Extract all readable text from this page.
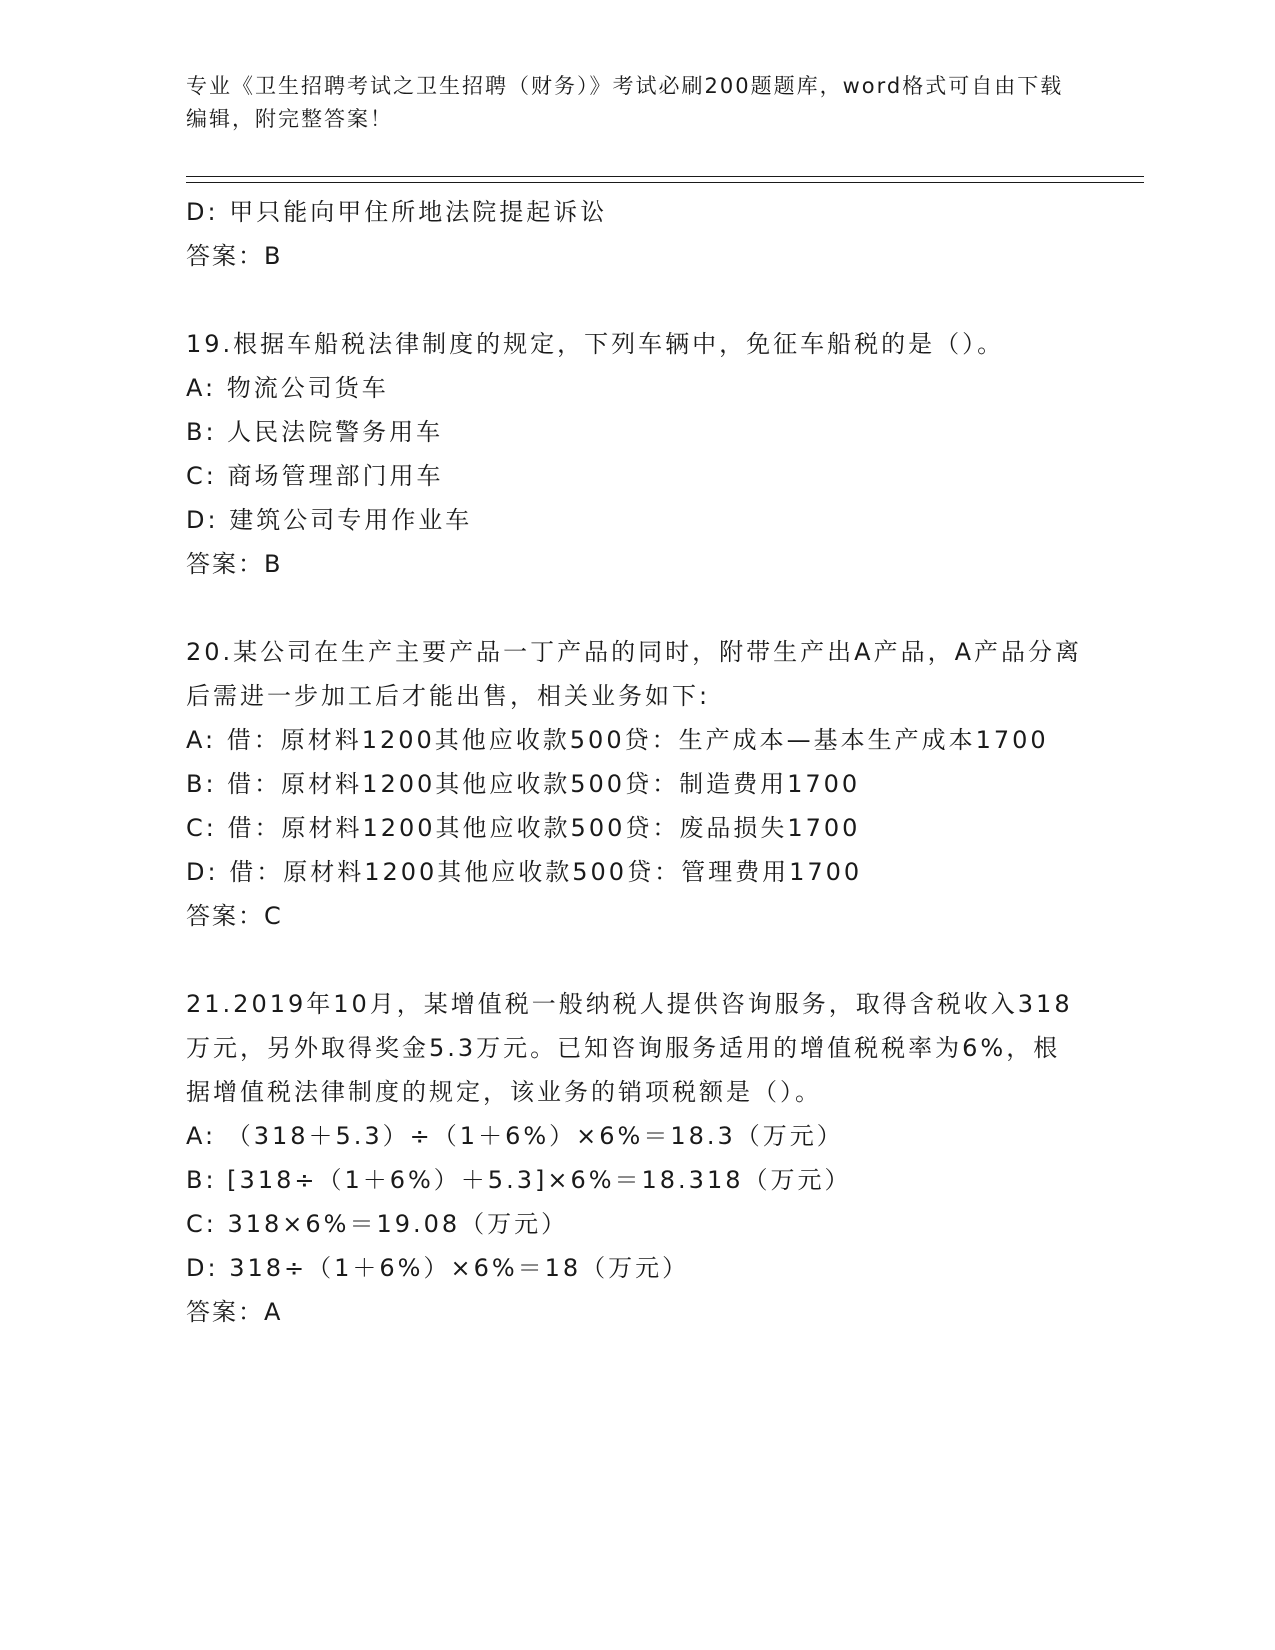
专业《卫生招聘考试之卫生招聘（财务）》考试必刷200题题库，word格式可自由下载编辑，附完整答案！
D: 甲只能向甲住所地法院提起诉讼
答案：B
19.根据车船税法律制度的规定，下列车辆中，免征车船税的是（）。
A: 物流公司货车
B: 人民法院警务用车
C: 商场管理部门用车
D: 建筑公司专用作业车
答案：B
20.某公司在生产主要产品一丁产品的同时，附带生产出A产品，A产品分离后需进一步加工后才能出售，相关业务如下:
A: 借：原材料1200其他应收款500贷：生产成本—基本生产成本1700
B: 借：原材料1200其他应收款500贷：制造费用1700
C: 借：原材料1200其他应收款500贷：废品损失1700
D: 借：原材料1200其他应收款500贷：管理费用1700
答案：C
21.2019年10月，某增值税一般纳税人提供咨询服务，取得含税收入318万元，另外取得奖金5.3万元。已知咨询服务适用的增值税税率为6%，根据增值税法律制度的规定，该业务的销项税额是（）。
A: （318＋5.3）÷（1＋6%）×6%＝18.3（万元）
B: [318÷（1＋6%）＋5.3]×6%＝18.318（万元）
C: 318×6%＝19.08（万元）
D: 318÷（1＋6%）×6%＝18（万元）
答案：A
